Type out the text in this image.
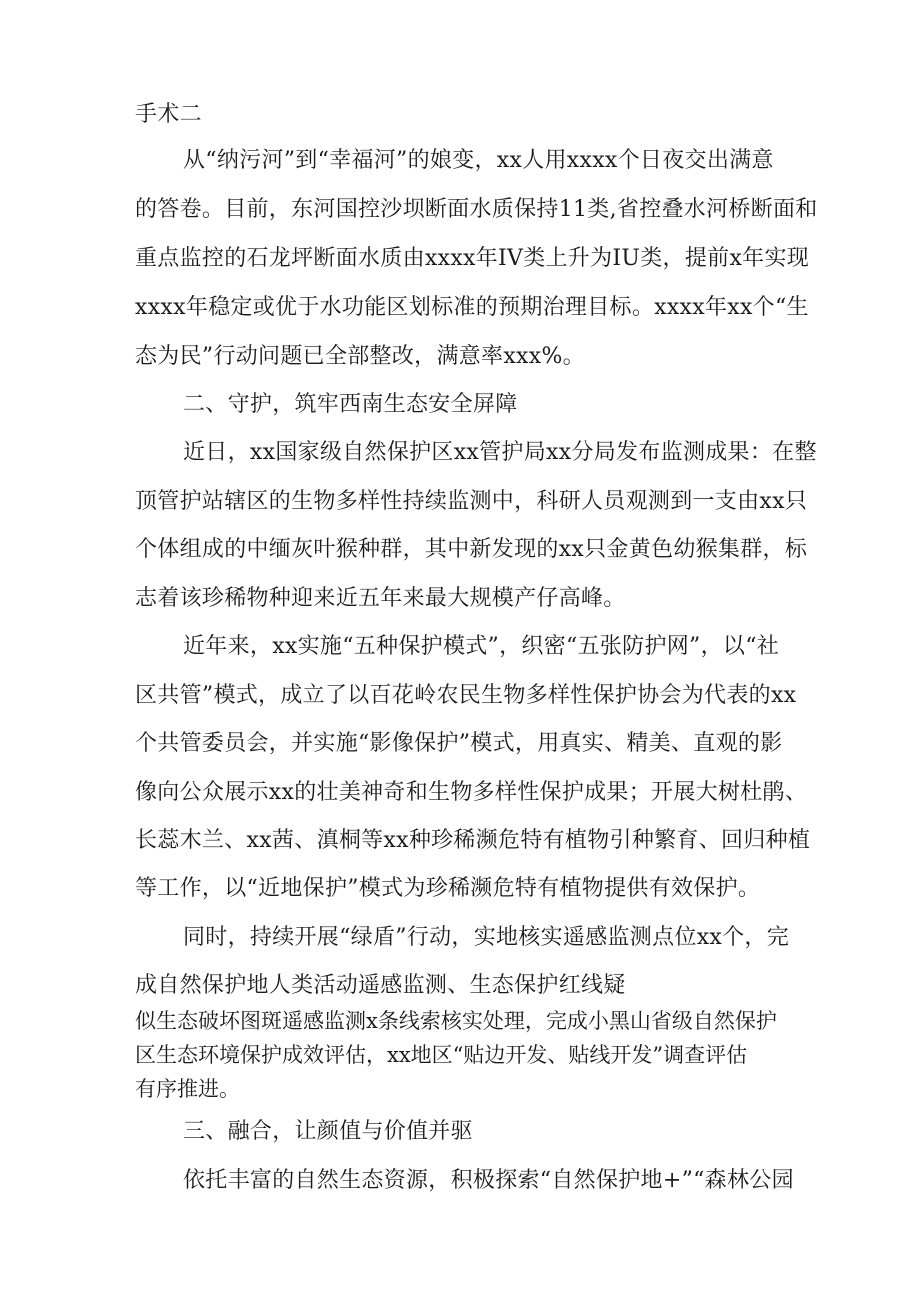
手术二
从“纳污河”到“幸福河”的娘变，xx人用xxxx个日夜交出满意
的答卷。目前，东河国控沙坝断面水质保持11类,省控叠水河桥断面和
重点监控的石龙坪断面水质由xxxx年IV类上升为IU类，提前x年实现
xxxx年稳定或优于水功能区划标准的预期治理目标。xxxx年xx个“生
态为民”行动问题已全部整改，满意率xxx%。
二、守护，筑牢西南生态安全屏障
近日，xx国家级自然保护区xx管护局xx分局发布监测成果：在整
顶管护站辖区的生物多样性持续监测中，科研人员观测到一支由xx只
个体组成的中缅灰叶猴种群，其中新发现的xx只金黄色幼猴集群，标
志着该珍稀物种迎来近五年来最大规模产仔高峰。
近年来，xx实施“五种保护模式”，织密“五张防护网”，以“社
区共管”模式，成立了以百花岭农民生物多样性保护协会为代表的xx
个共管委员会，并实施“影像保护”模式，用真实、精美、直观的影
像向公众展示xx的壮美神奇和生物多样性保护成果；开展大树杜鹃、
长蕊木兰、xx茜、滇桐等xx种珍稀濒危特有植物引种繁育、回归种植
等工作，以“近地保护”模式为珍稀濒危特有植物提供有效保护。
同时，持续开展“绿盾”行动，实地核实遥感监测点位xx个，完
成自然保护地人类活动遥感监测、生态保护红线疑
似生态破坏图斑遥感监测x条线索核实处理，完成小黑山省级自然保护
区生态环境保护成效评估，xx地区“贴边开发、贴线开发”调查评估
有序推进。
三、融合，让颜值与价值并驱
依托丰富的自然生态资源，积极探索“自然保护地+”“森林公园
